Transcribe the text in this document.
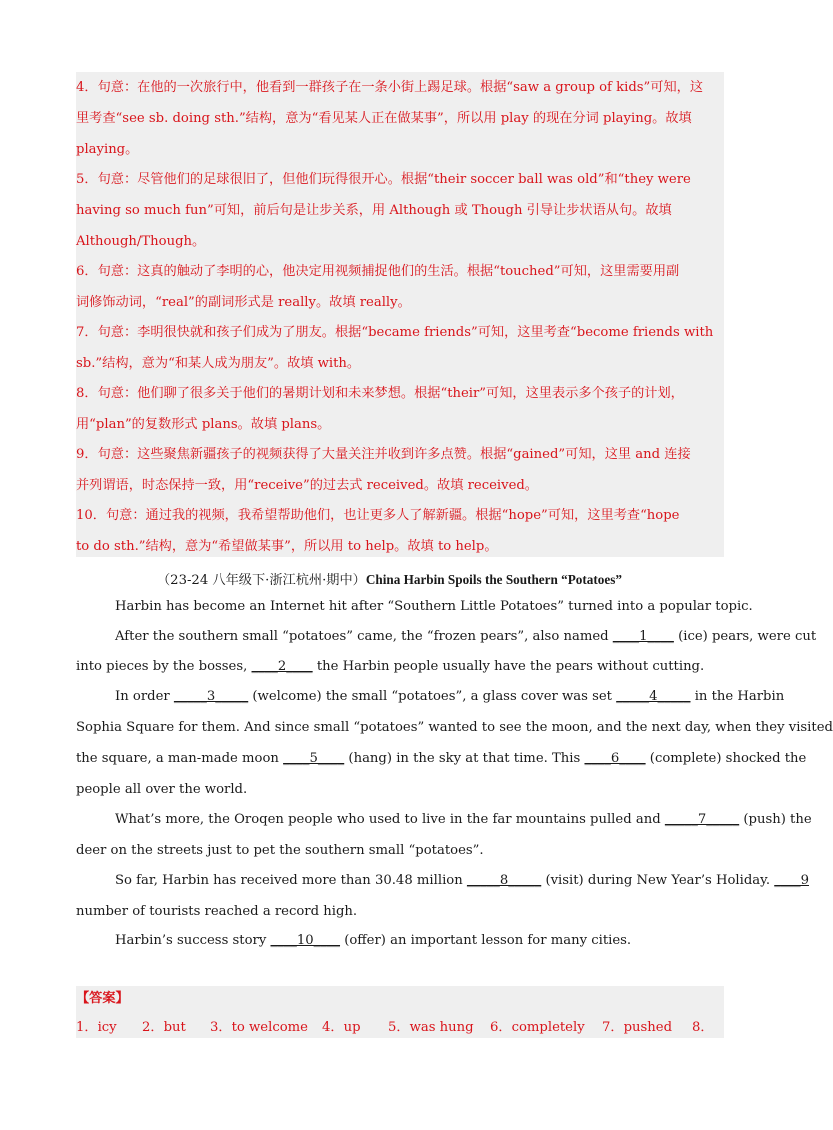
4．句意：在他的一次旅行中，他看到一群孩子在一条小街上踢足球。根据“saw a group of kids”可知，这
里考查“see sb. doing sth.”结构，意为“看见某人正在做某事”，所以用 play 的现在分词 playing。故填
playing。
5．句意：尽管他们的足球很旧了，但他们玩得很开心。根据“their soccer ball was old”和“they were
having so much fun”可知，前后句是让步关系，用 Although 或 Though 引导让步状语从句。故填
Although/Though。
6．句意：这真的触动了李明的心，他决定用视频捕捉他们的生活。根据“touched”可知，这里需要用副
词修饰动词，“real”的副词形式是 really。故填 really。
7．句意：李明很快就和孩子们成为了朋友。根据“became friends”可知，这里考查“become friends with
sb.”结构，意为“和某人成为朋友”。故填 with。
8．句意：他们聊了很多关于他们的暑期计划和未来梦想。根据“their”可知，这里表示多个孩子的计划，
用“plan”的复数形式 plans。故填 plans。
9．句意：这些聚焦新疆孩子的视频获得了大量关注并收到许多点赞。根据“gained”可知，这里 and 连接
并列谓语，时态保持一致，用“receive”的过去式 received。故填 received。
10．句意：通过我的视频，我希望帮助他们，也让更多人了解新疆。根据“hope”可知，这里考查“hope
to do sth.”结构，意为“希望做某事”，所以用 to help。故填 to help。
（23-24 八年级下·浙江杭州·期中）China Harbin Spoils the Southern “Potatoes”
Harbin has become an Internet hit after “Southern Little Potatoes” turned into a popular topic.
After the southern small “potatoes” came, the “frozen pears”, also named ____1____ (ice) pears, were cut
into pieces by the bosses, ____2____ the Harbin people usually have the pears without cutting.
In order _____3_____ (welcome) the small “potatoes”, a glass cover was set _____4_____ in the Harbin
Sophia Square for them. And since small “potatoes” wanted to see the moon, and the next day, when they visited
the square, a man-made moon ____5____ (hang) in the sky at that time. This ____6____ (complete) shocked the
people all over the world.
What’s more, the Oroqen people who used to live in the far mountains pulled and _____7_____ (push) the
deer on the streets just to pet the southern small “potatoes”.
So far, Harbin has received more than 30.48 million _____8_____ (visit) during New Year’s Holiday. ____9
number of tourists reached a record high.
Harbin’s success story ____10____ (offer) an important lesson for many cities.
【答案】
1．icy 2．but 3．to welcome 4．up 5．was hung 6．completely 7．pushed 8．
